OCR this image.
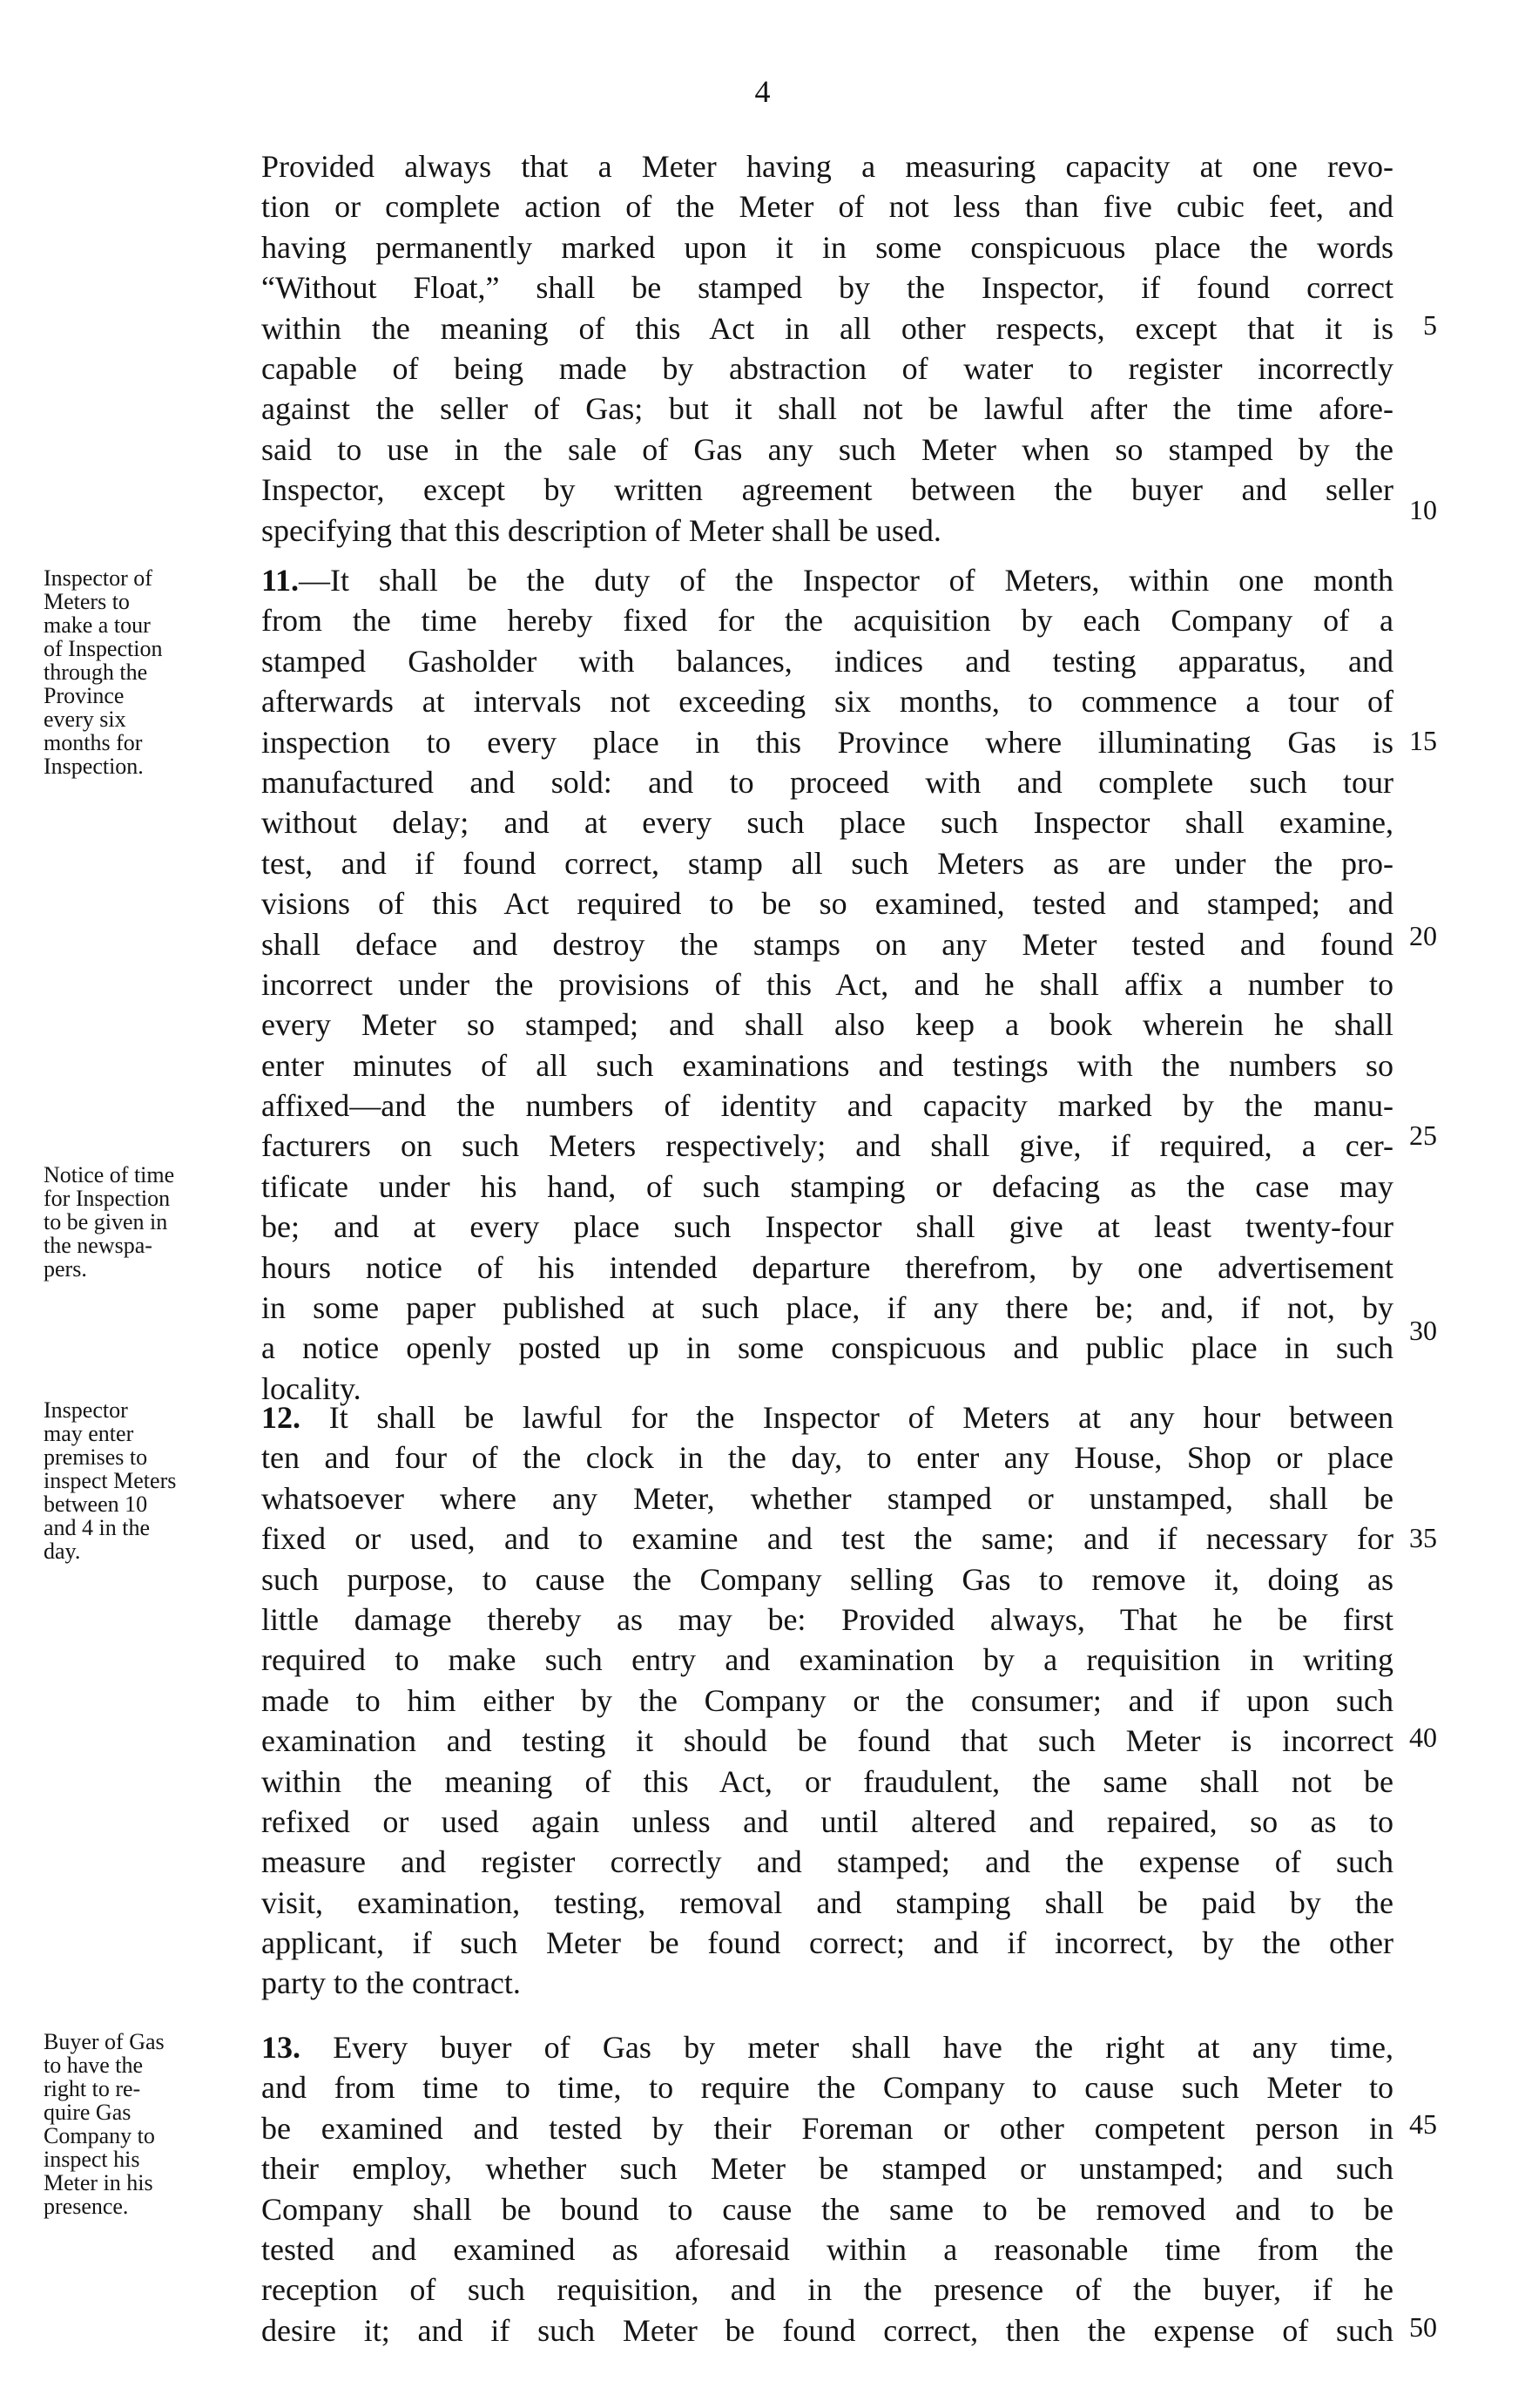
4
Provided always that a Meter having a measuring capacity at one revo-
tion or complete action of the Meter of not less than five cubic feet, and
having permanently marked upon it in some conspicuous place the words
“Without Float,” shall be stamped by the Inspector, if found correct
within the meaning of this Act in all other respects, except that it is
capable of being made by abstraction of water to register incorrectly
against the seller of Gas; but it shall not be lawful after the time afore-
said to use in the sale of Gas any such Meter when so stamped by the
Inspector, except by written agreement between the buyer and seller
specifying that this description of Meter shall be used.
11.—It shall be the duty of the Inspector of Meters, within one month
from the time hereby fixed for the acquisition by each Company of a
stamped Gasholder with balances, indices and testing apparatus, and
afterwards at intervals not exceeding six months, to commence a tour of
inspection to every place in this Province where illuminating Gas is
manufactured and sold: and to proceed with and complete such tour
without delay; and at every such place such Inspector shall examine,
test, and if found correct, stamp all such Meters as are under the pro-
visions of this Act required to be so examined, tested and stamped; and
shall deface and destroy the stamps on any Meter tested and found
incorrect under the provisions of this Act, and he shall affix a number to
every Meter so stamped; and shall also keep a book wherein he shall
enter minutes of all such examinations and testings with the numbers so
affixed—and the numbers of identity and capacity marked by the manu-
facturers on such Meters respectively; and shall give, if required, a cer-
tificate under his hand, of such stamping or defacing as the case may
be; and at every place such Inspector shall give at least twenty-four
hours notice of his intended departure therefrom, by one advertisement
in some paper published at such place, if any there be; and, if not, by
a notice openly posted up in some conspicuous and public place in such
locality.
12. It shall be lawful for the Inspector of Meters at any hour between
ten and four of the clock in the day, to enter any House, Shop or place
whatsoever where any Meter, whether stamped or unstamped, shall be
fixed or used, and to examine and test the same; and if necessary for
such purpose, to cause the Company selling Gas to remove it, doing as
little damage thereby as may be: Provided always, That he be first
required to make such entry and examination by a requisition in writing
made to him either by the Company or the consumer; and if upon such
examination and testing it should be found that such Meter is incorrect
within the meaning of this Act, or fraudulent, the same shall not be
refixed or used again unless and until altered and repaired, so as to
measure and register correctly and stamped; and the expense of such
visit, examination, testing, removal and stamping shall be paid by the
applicant, if such Meter be found correct; and if incorrect, by the other
party to the contract.
13. Every buyer of Gas by meter shall have the right at any time,
and from time to time, to require the Company to cause such Meter to
be examined and tested by their Foreman or other competent person in
their employ, whether such Meter be stamped or unstamped; and such
Company shall be bound to cause the same to be removed and to be
tested and examined as aforesaid within a reasonable time from the
reception of such requisition, and in the presence of the buyer, if he
desire it; and if such Meter be found correct, then the expense of such
5
10
15
20
25
30
35
40
45
50
Inspector of
Meters to
make a tour
of Inspection
through the
Province
every six
months for
Inspection.
Notice of time
for Inspection
to be given in
the newspa-
pers.
Inspector
may enter
premises to
inspect Meters
between 10
and 4 in the
day.
Buyer of Gas
to have the
right to re-
quire Gas
Company to
inspect his
Meter in his
presence.
